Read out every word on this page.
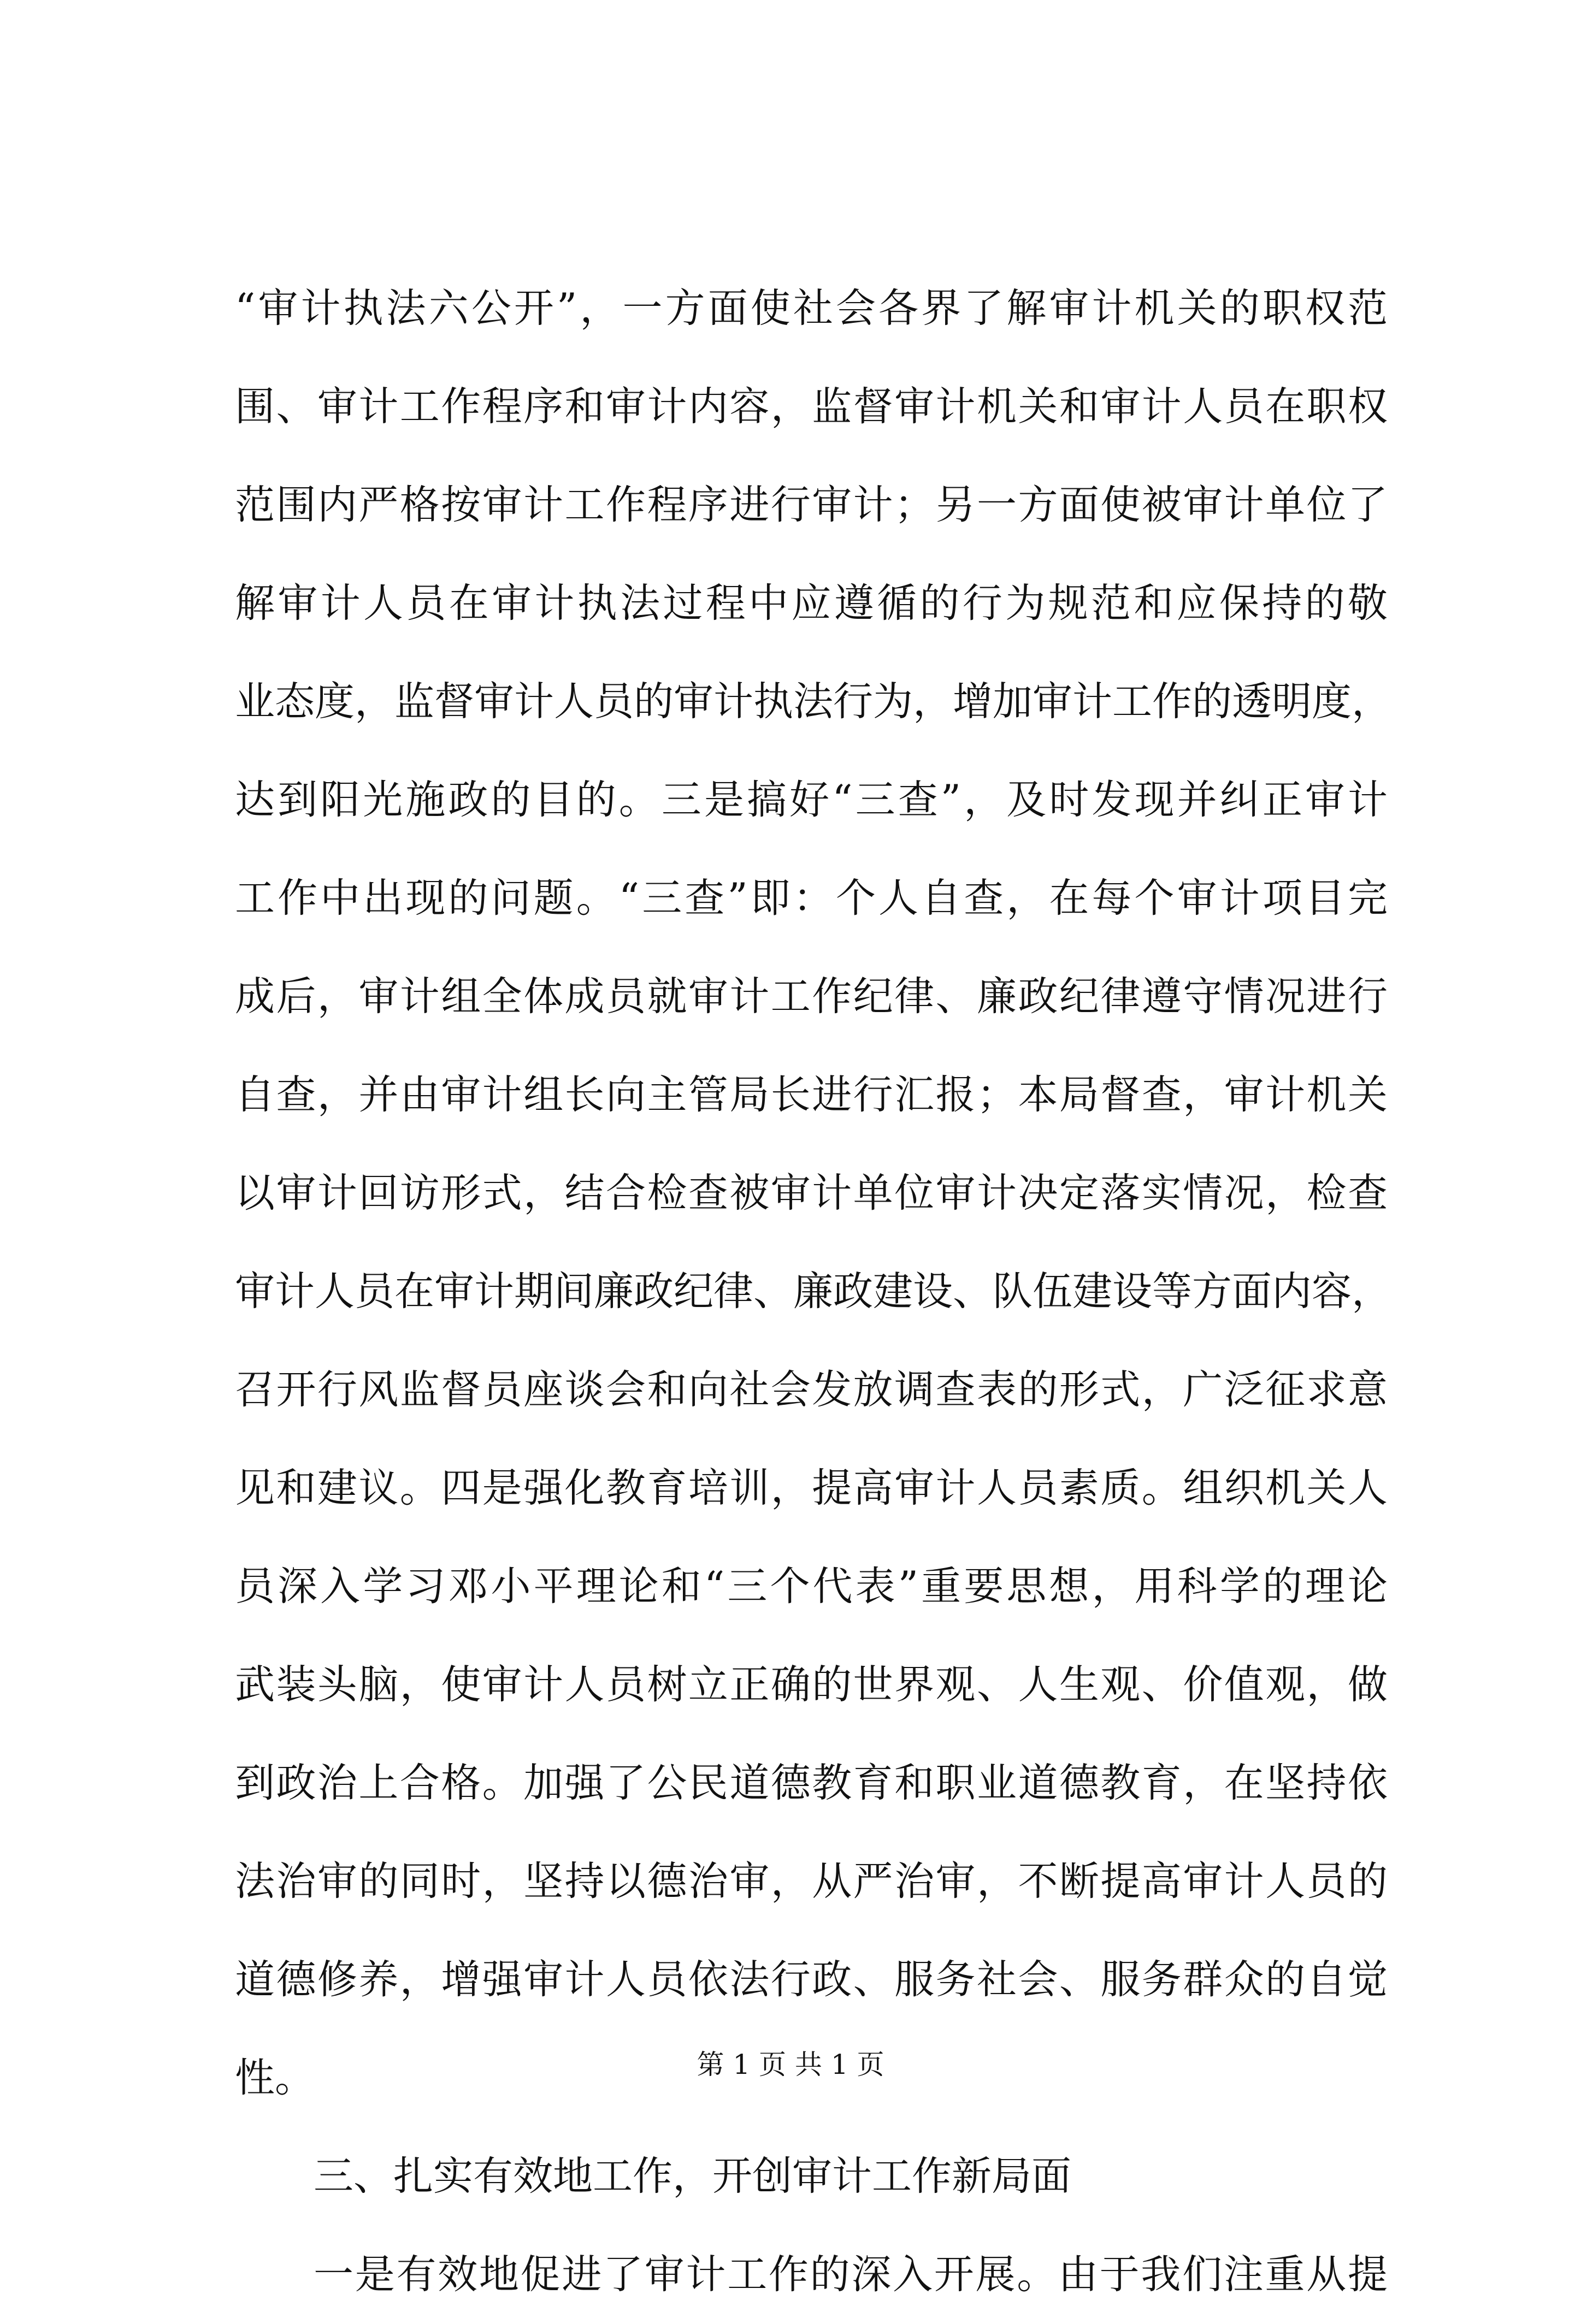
“审计执法六公开”，一方面使社会各界了解审计机关的职权范
围、审计工作程序和审计内容，监督审计机关和审计人员在职权
范围内严格按审计工作程序进行审计；另一方面使被审计单位了
解审计人员在审计执法过程中应遵循的行为规范和应保持的敬
业态度，监督审计人员的审计执法行为，增加审计工作的透明度，
达到阳光施政的目的。三是搞好“三查”，及时发现并纠正审计
工作中出现的问题。“三查”即：个人自查，在每个审计项目完
成后，审计组全体成员就审计工作纪律、廉政纪律遵守情况进行
自查，并由审计组长向主管局长进行汇报；本局督查，审计机关
以审计回访形式，结合检查被审计单位审计决定落实情况，检查
审计人员在审计期间廉政纪律、廉政建设、队伍建设等方面内容，
召开行风监督员座谈会和向社会发放调查表的形式，广泛征求意
见和建议。四是强化教育培训，提高审计人员素质。组织机关人
员深入学习邓小平理论和“三个代表”重要思想，用科学的理论
武装头脑，使审计人员树立正确的世界观、人生观、价值观，做
到政治上合格。加强了公民道德教育和职业道德教育，在坚持依
法治审的同时，坚持以德治审，从严治审，不断提高审计人员的
道德修养，增强审计人员依法行政、服务社会、服务群众的自觉
性。
三、扎实有效地工作，开创审计工作新局面
一是有效地促进了审计工作的深入开展。由于我们注重从提
第 1 页 共 1 页
